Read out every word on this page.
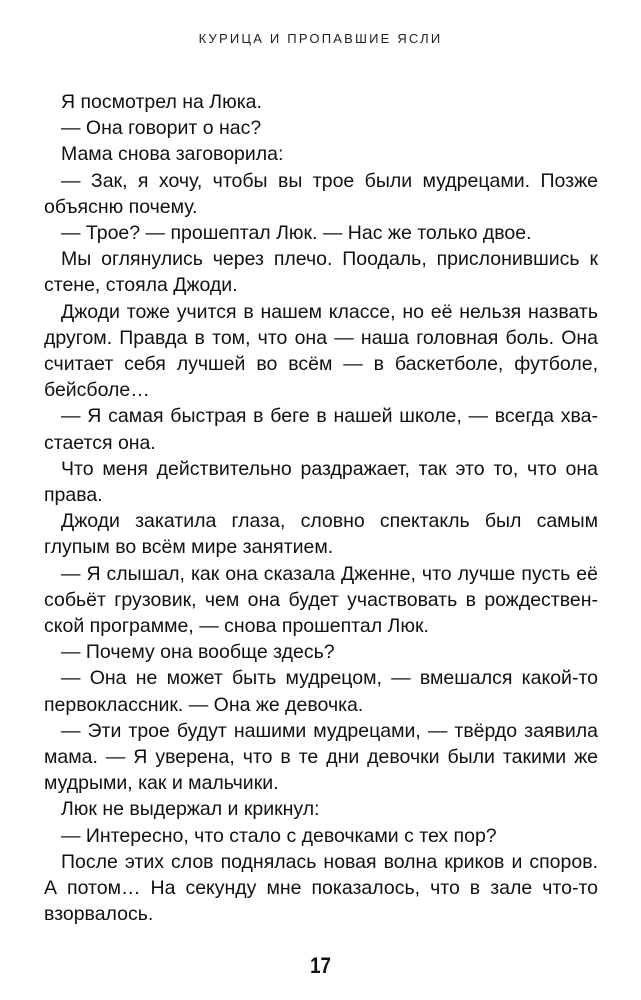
КУРИЦА И ПРОПАВШИЕ ЯСЛИ

Я посмотрел на Люка.

— Она говорит о нас?

Мама снова заговорила:

— Зак, я хочу, чтобы вы трое были мудрецами. Позже объясню почему.

— Трое? — прошептал Люк. — Нас же только двое.

Мы оглянулись через плечо. Поодаль, прислонившись к стене, стояла Джоди.

Джоди тоже учится в нашем классе, но её нельзя назвать другом. Правда в том, что она — наша головная боль. Она считает себя лучшей во всём — в баскетболе, футболе, бейсболе…

— Я самая быстрая в беге в нашей школе, — всегда хвастается она.

Что меня действительно раздражает, так это то, что она права.

Джоди закатила глаза, словно спектакль был самым глупым во всём мире занятием.

— Я слышал, как она сказала Дженне, что лучше пусть её собьёт грузовик, чем она будет участвовать в рождественской программе, — снова прошептал Люк.

— Почему она вообще здесь?

— Она не может быть мудрецом, — вмешался какой-то первоклассник. — Она же девочка.

— Эти трое будут нашими мудрецами, — твёрдо заявила мама. — Я уверена, что в те дни девочки были такими же мудрыми, как и мальчики.

Люк не выдержал и крикнул:

— Интересно, что стало с девочками с тех пор?

После этих слов поднялась новая волна криков и споров. А потом… На секунду мне показалось, что в зале что-то взорвалось.

17
